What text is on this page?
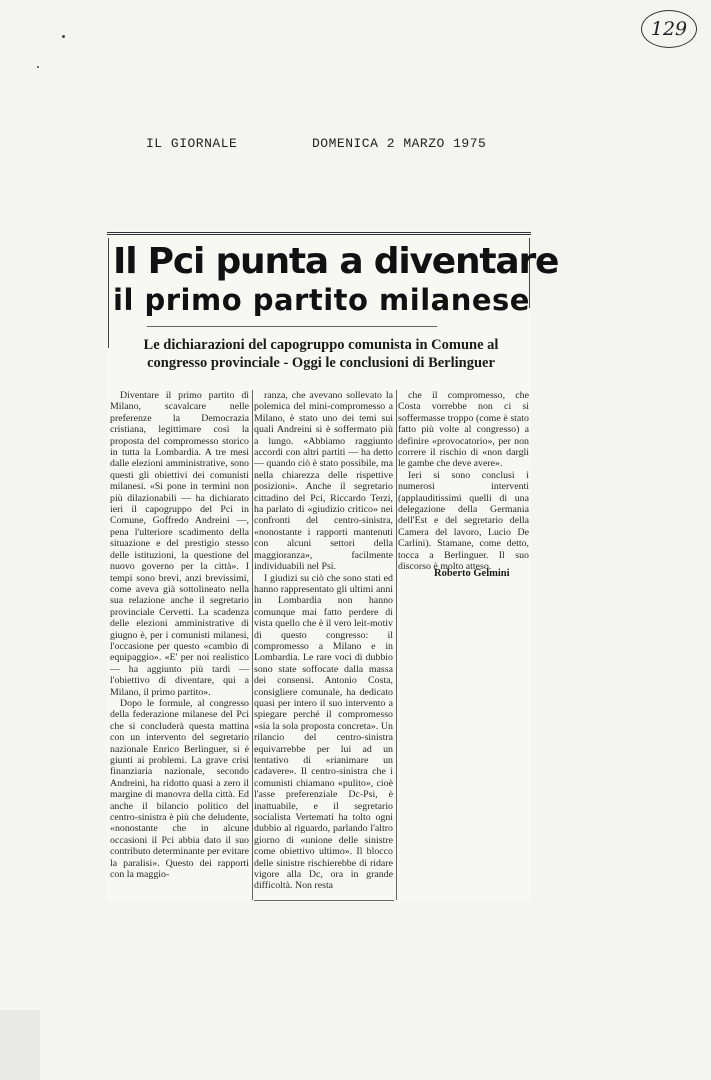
129
IL GIORNALE	DOMENICA 2 MARZO 1975
Il Pci punta a diventare
il primo partito milanese

Le dichiarazioni del capogruppo comunista in Comune al
congresso provinciale - Oggi le conclusioni di Berlinguer

Diventare il primo partito di Milano, scavalcare nelle preferenze la Democrazia cristiana, legittimare così la proposta del compromesso storico in tutta la Lombardia. A tre mesi dalle elezioni amministrative, sono questi gli obiettivi dei comunisti milanesi. «Si pone in termini non più dilazionabili — ha dichiarato ieri il capogruppo del Pci in Comune, Goffredo Andreini —, pena l'ulteriore scadimento della situazione e del prestigio stesso delle istituzioni, la questione del nuovo governo per la città». I tempi sono brevi, anzi brevissimi, come aveva già sottolineato nella sua relazione anche il segretario provinciale Cervetti. La scadenza delle elezioni amministrative di giugno è, per i comunisti milanesi, l'occasione per questo «cambio di equipaggio». «E' per noi realistico — ha aggiunto più tardi — l'obiettivo di diventare, qui a Milano, il primo partito».

Dopo le formule, al congresso della federazione milanese del Pci che si concluderà questa mattina con un intervento del segretario nazionale Enrico Berlinguer, si è giunti ai problemi. La grave crisi finanziaria nazionale, secondo Andreini, ha ridotto quasi a zero il margine di manovra della città. Ed anche il bilancio politico del centro-sinistra è più che deludente, «nonostante che in alcune occasioni il Pci abbia dato il suo contributo determinante per evitare la paralisi». Questo dei rapporti con la maggio-

ranza, che avevano sollevato la polemica del mini-compromesso a Milano, è stato uno dei temi sui quali Andreini si è soffermato più a lungo. «Abbiamo raggiunto accordi con altri partiti — ha detto — quando ciò è stato possibile, ma nella chiarezza delle rispettive posizioni». Anche il segretario cittadino del Pci, Riccardo Terzi, ha parlato di «giudizio critico» nei confronti del centro-sinistra, «nonostante i rapporti mantenuti con alcuni settori della maggioranza», facilmente individuabili nel Psi.

I giudizi su ciò che sono stati ed hanno rappresentato gli ultimi anni in Lombardia non hanno comunque mai fatto perdere di vista quello che è il vero leit-motiv di questo congresso: il compromesso a Milano e in Lombardia. Le rare voci di dubbio sono state soffocate dalla massa dei consensi. Antonio Costa, consigliere comunale, ha dedicato quasi per intero il suo intervento a spiegare perché il compromesso «sia la sola proposta concreta». Un rilancio del centro-sinistra equivarrebbe per lui ad un tentativo di «rianimare un cadavere». Il centro-sinistra che i comunisti chiamano «pulito», cioè l'asse preferenziale Dc-Psi, è inattuabile, e il segretario socialista Vertemati ha tolto ogni dubbio al riguardo, parlando l'altro giorno di «unione delle sinistre come obiettivo ultimo». Il blocco delle sinistre rischierebbe di ridare vigore alla Dc, ora in grande difficoltà. Non resta

che il compromesso, che Costa vorrebbe non ci si soffermasse troppo (come è stato fatto più volte al congresso) a definire «provocatorio», per non correre il rischio di «non dargli le gambe che deve avere».

Ieri si sono conclusi i numerosi interventi (applauditissimi quelli di una delegazione della Germania dell'Est e del segretario della Camera del lavoro, Lucio De Carlini). Stamane, come detto, tocca a Berlinguer. Il suo discorso è molto atteso.

Roberto Gelmini
